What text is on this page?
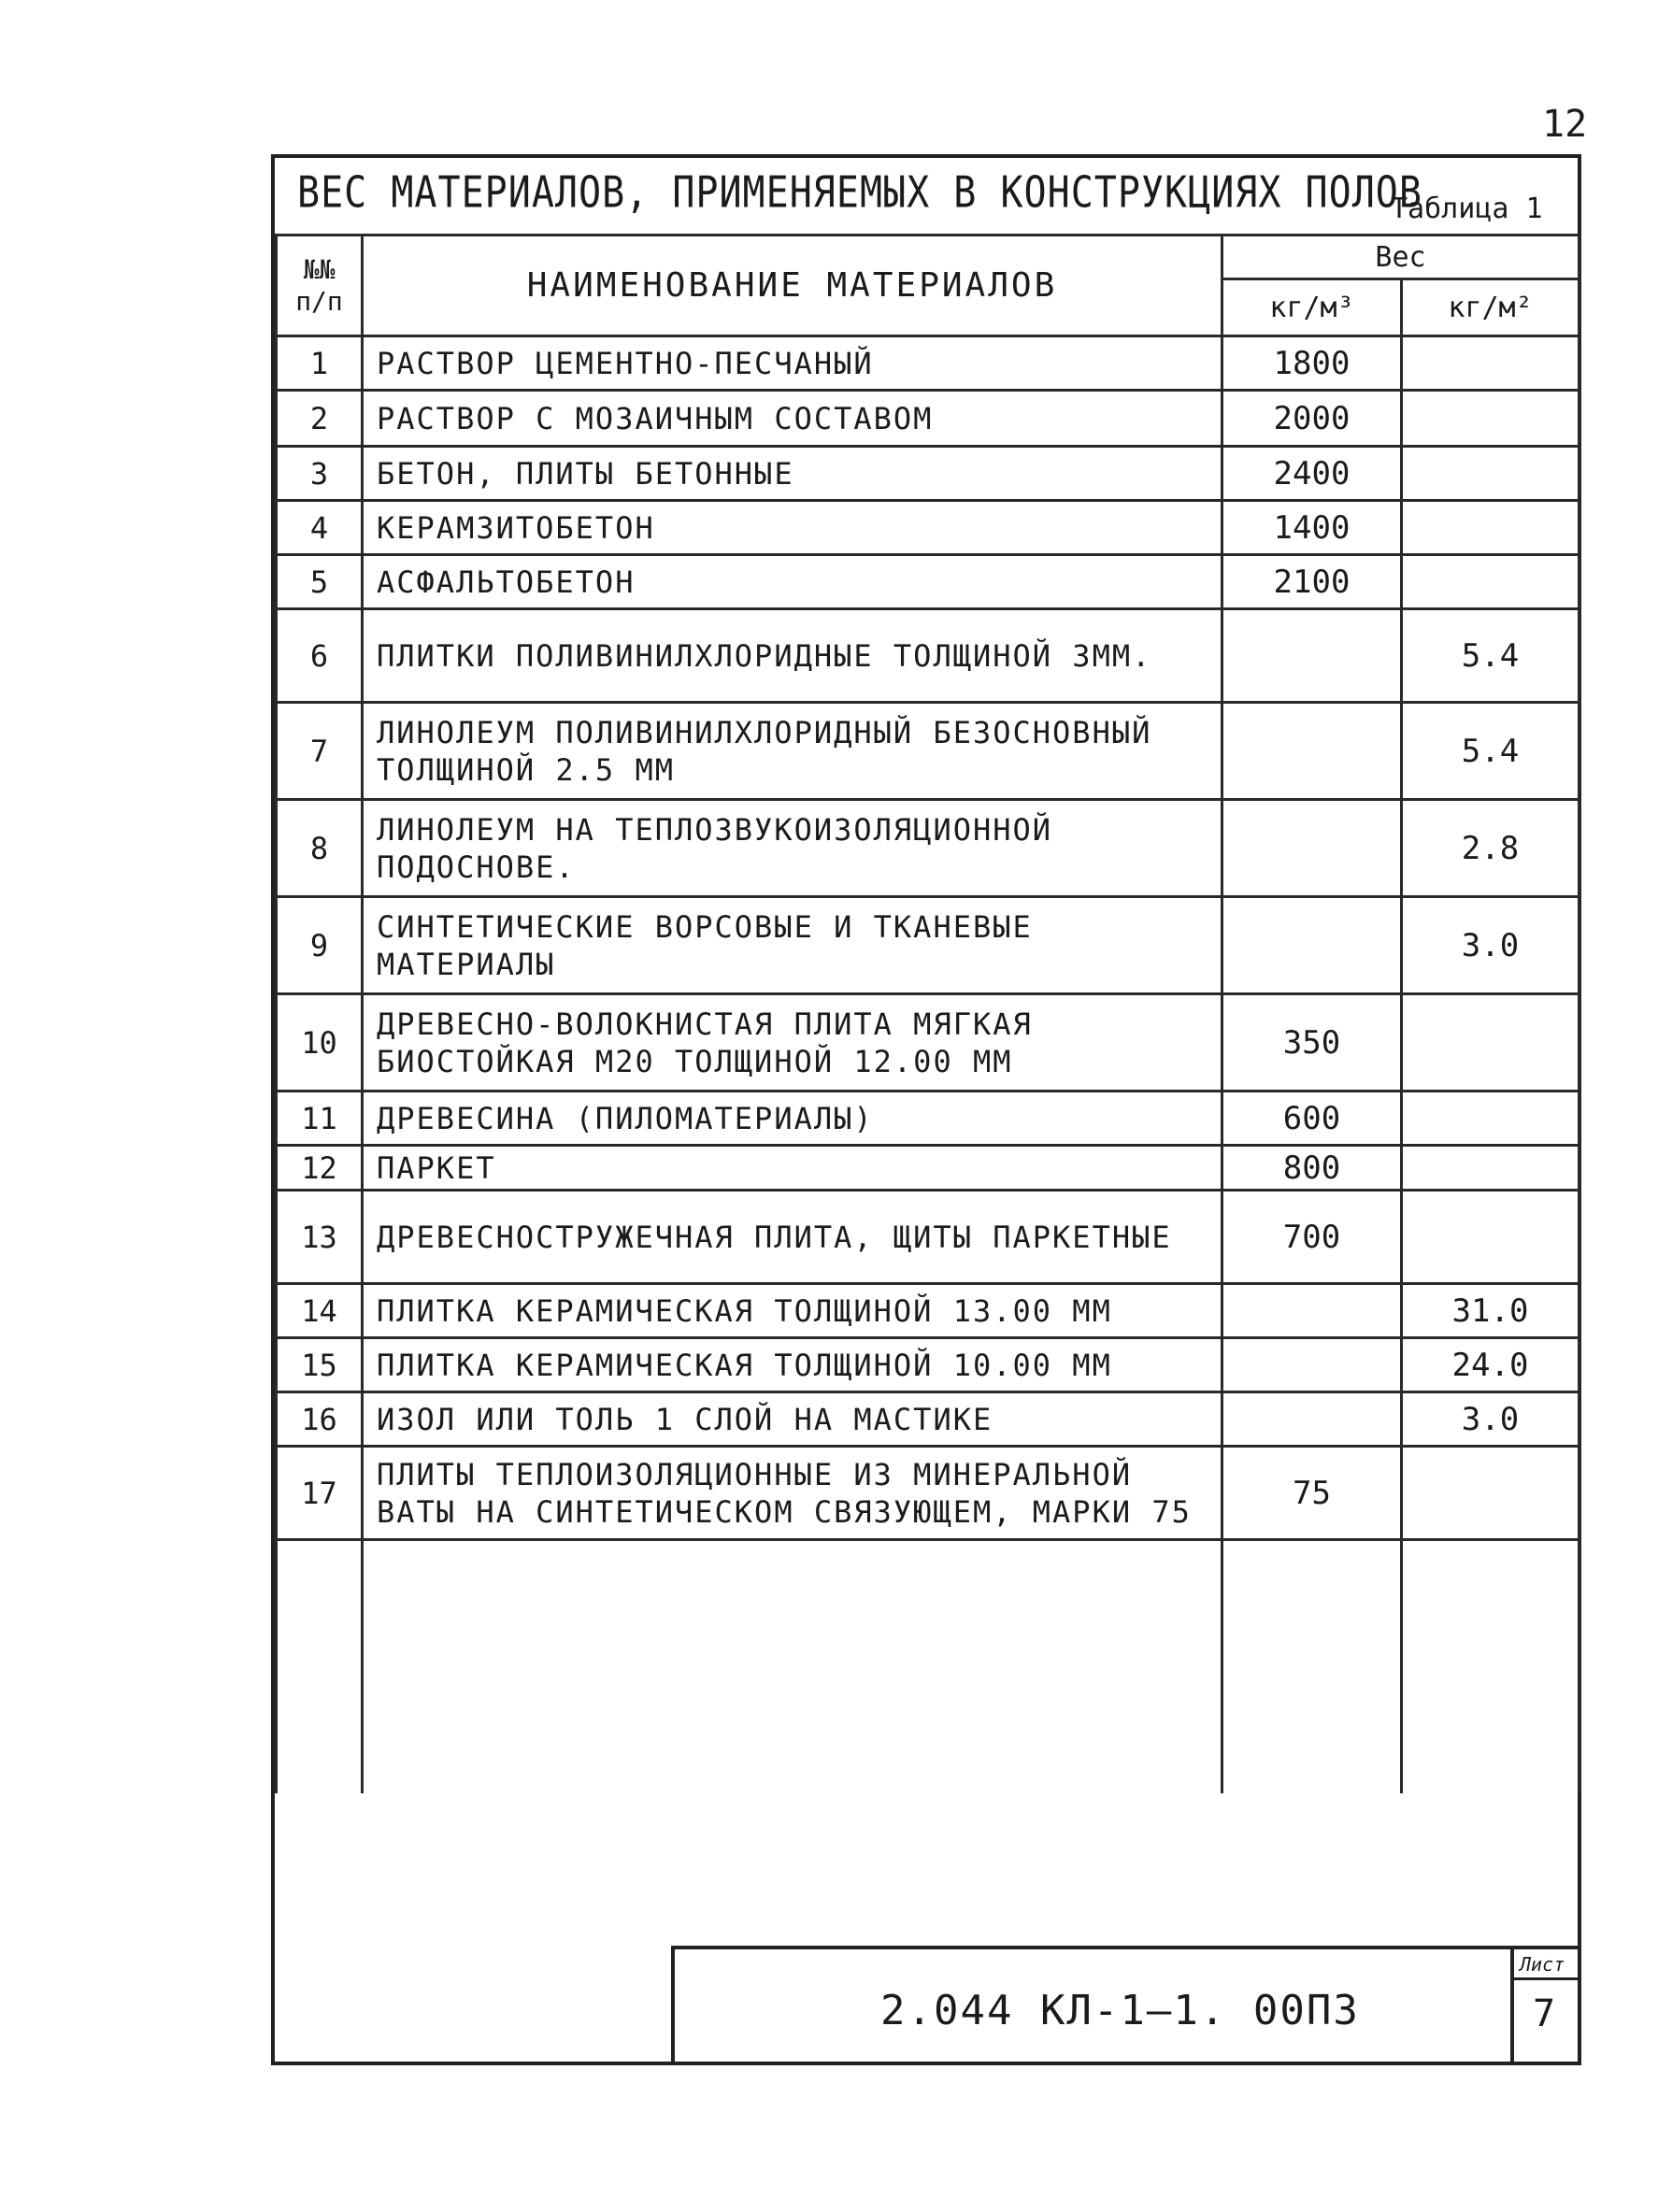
12
ВЕС МАТЕРИАЛОВ, ПРИМЕНЯЕМЫХ В КОНСТРУКЦИЯХ ПОЛОВ
Таблица 1
№№ п/п	НАИМЕНОВАНИЕ МАТЕРИАЛОВ	Вес	
		кг/м³	кг/м²
1	РАСТВОР ЦЕМЕНТНО-ПЕСЧАНЫЙ	1800	
2	РАСТВОР С МОЗАИЧНЫМ СОСТАВОМ	2000	
3	БЕТОН, ПЛИТЫ БЕТОННЫЕ	2400	
4	КЕРАМЗИТОБЕТОН	1400	
5	АСФАЛЬТОБЕТОН	2100	
6	ПЛИТКИ ПОЛИВИНИЛХЛОРИДНЫЕ ТОЛЩИНОЙ 3ММ.		5.4
7	ЛИНОЛЕУМ ПОЛИВИНИЛХЛОРИДНЫЙ БЕЗОСНОВНЫЙ ТОЛЩИНОЙ 2.5 ММ		5.4
8	ЛИНОЛЕУМ НА ТЕПЛОЗВУКОИЗОЛЯЦИОННОЙ ПОДОСНОВЕ.		2.8
9	СИНТЕТИЧЕСКИЕ ВОРСОВЫЕ И ТКАНЕВЫЕ МАТЕРИАЛЫ		3.0
10	ДРЕВЕСНО-ВОЛОКНИСТАЯ ПЛИТА МЯГКАЯ БИОСТОЙКАЯ М20 ТОЛЩИНОЙ 12.00 ММ	350	
11	ДРЕВЕСИНА (ПИЛОМАТЕРИАЛЫ)	600	
12	ПАРКЕТ	800	
13	ДРЕВЕСНОСТРУЖЕЧНАЯ ПЛИТА, ЩИТЫ ПАРКЕТНЫЕ	700	
14	ПЛИТКА КЕРАМИЧЕСКАЯ ТОЛЩИНОЙ 13.00 ММ		31.0
15	ПЛИТКА КЕРАМИЧЕСКАЯ ТОЛЩИНОЙ 10.00 ММ		24.0
16	ИЗОЛ ИЛИ ТОЛЬ 1 СЛОЙ НА МАСТИКЕ		3.0
17	ПЛИТЫ ТЕПЛОИЗОЛЯЦИОННЫЕ ИЗ МИНЕРАЛЬНОЙ ВАТЫ НА СИНТЕТИЧЕСКОМ СВЯЗУЮЩЕМ, МАРКИ 75	75	

2.044 КЛ-1—1. 00ПЗ
Лист
7
